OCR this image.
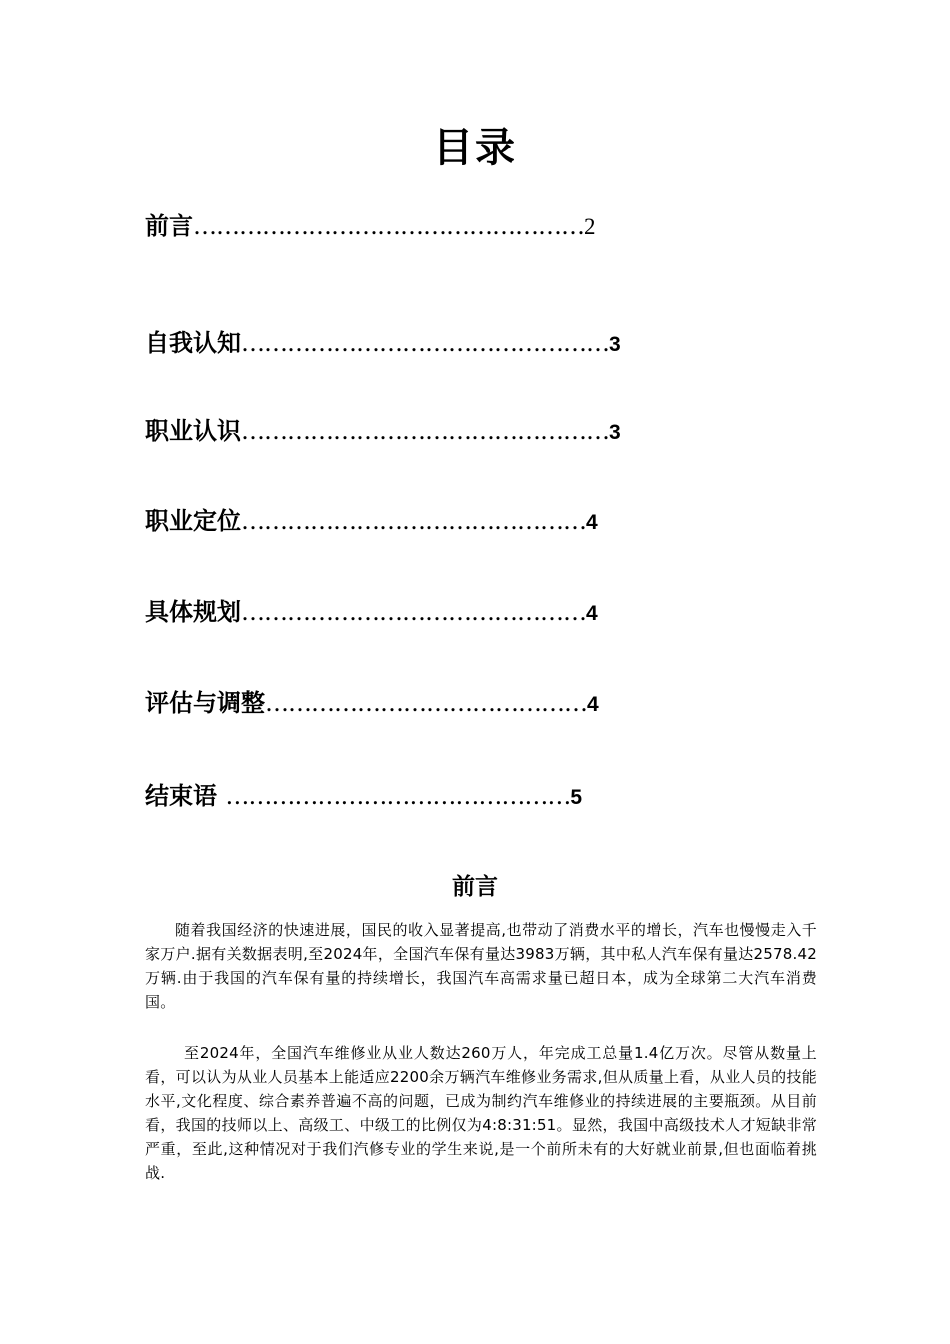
目录
前言……………………………………………2
自我认知…………………………………………3
职业认识…………………………………………3
职业定位………………………………………4
具体规划………………………………………4
评估与调整……………………………………4
结束语 ………………………………………5
前言

随着我国经济的快速进展，国民的收入显著提高,也带动了消费水平的增长，汽车也慢慢走入千家万户.据有关数据表明,至2024年，全国汽车保有量达3983万辆，其中私人汽车保有量达2578.42万辆.由于我国的汽车保有量的持续增长，我国汽车高需求量已超日本，成为全球第二大汽车消费国。

至2024年，全国汽车维修业从业人数达260万人，年完成工总量1.4亿万次。尽管从数量上看，可以认为从业人员基本上能适应2200余万辆汽车维修业务需求,但从质量上看，从业人员的技能水平,文化程度、综合素养普遍不高的问题，已成为制约汽车维修业的持续进展的主要瓶颈。从目前看，我国的技师以上、高级工、中级工的比例仅为4:8:31:51。显然，我国中高级技术人才短缺非常严重，至此,这种情况对于我们汽修专业的学生来说,是一个前所未有的大好就业前景,但也面临着挑战.
